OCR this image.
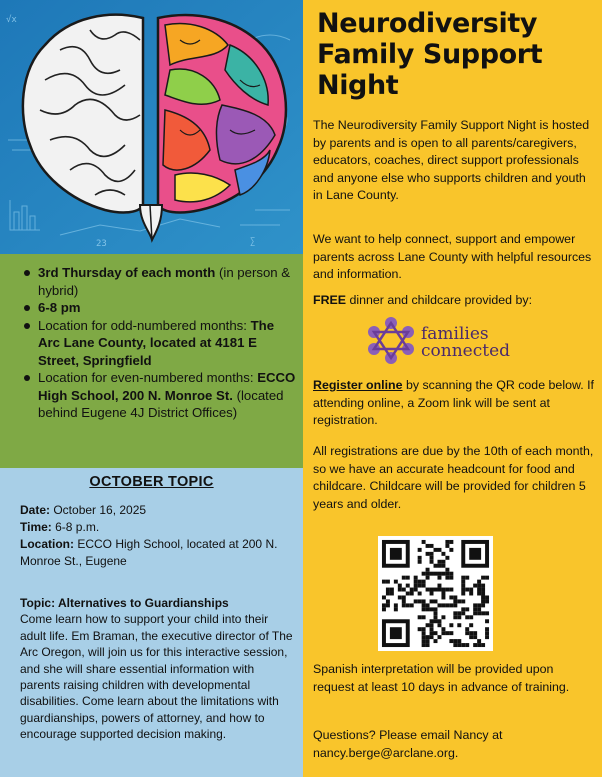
√x
23	∑
3rd Thursday of each month (in person & hybrid)
6-8 pm
Location for odd-numbered months: The Arc Lane County, located at 4181 E Street, Springfield
Location for even-numbered months: ECCO High School, 200 N. Monroe St. (located behind Eugene 4J District Offices)
OCTOBER TOPIC

Date: October 16, 2025

Time: 6-8 p.m.

Location: ECCO High School, located at 200 N. Monroe St., Eugene

Topic: Alternatives to Guardianships

Come learn how to support your child into their adult life. Em Braman, the executive director of The Arc Oregon, will join us for this interactive session, and she will share essential information with parents raising children with developmental disabilities. Come learn about the limitations with guardianships, powers of attorney, and how to encourage supported decision making.

Neurodiversity
Family Support
Night

The Neurodiversity Family Support Night is hosted by parents and is open to all parents/caregivers, educators, coaches, direct support professionals and anyone else who supports children and youth in Lane County.

We want to help connect, support and empower parents across Lane County with helpful resources and information.

FREE dinner and childcare provided by:

families
connected

Register online by scanning the QR code below. If attending online, a Zoom link will be sent at registration.

All registrations are due by the 10th of each month, so we have an accurate headcount for food and childcare. Childcare will be provided for children 5 years and older.

Spanish interpretation will be provided upon request at least 10 days in advance of training.

Questions? Please email Nancy at nancy.berge@arclane.org.
